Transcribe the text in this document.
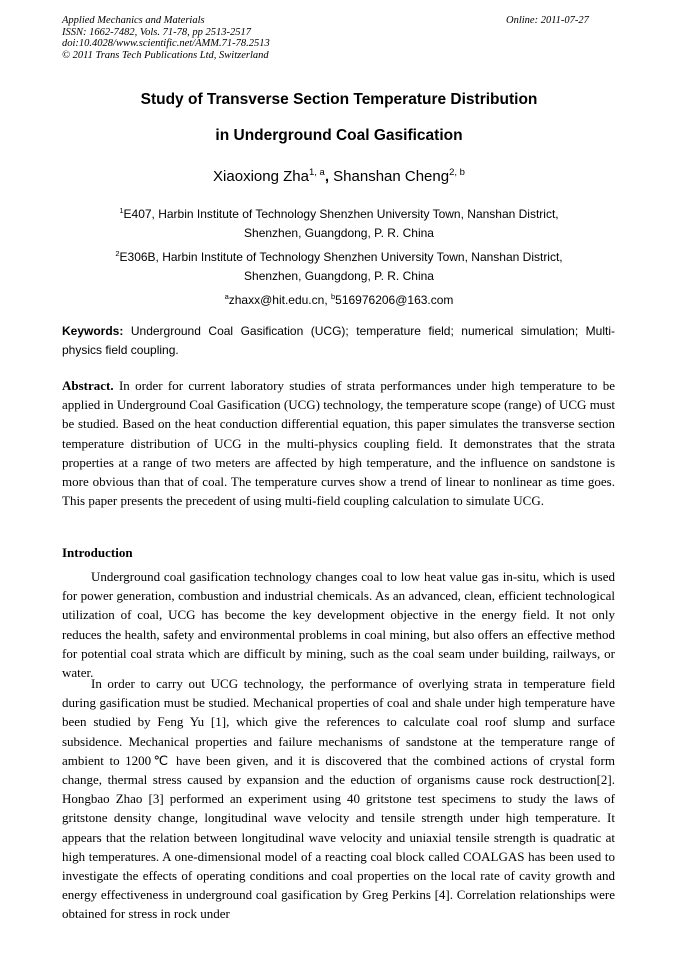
Applied Mechanics and Materials
ISSN: 1662-7482, Vols. 71-78, pp 2513-2517
doi:10.4028/www.scientific.net/AMM.71-78.2513
© 2011 Trans Tech Publications Ltd, Switzerland
Online: 2011-07-27
Study of Transverse Section Temperature Distribution
in Underground Coal Gasification
Xiaoxiong Zha$^{1, a}$, Shanshan Cheng$^{2, b}$
$^1$E407, Harbin Institute of Technology Shenzhen University Town, Nanshan District,
Shenzhen, Guangdong, P. R. China
$^2$E306B, Harbin Institute of Technology Shenzhen University Town, Nanshan District,
Shenzhen, Guangdong, P. R. China
$^a$zhaxx@hit.edu.cn, $^b$516976206@163.com
Keywords: Underground Coal Gasification (UCG); temperature field; numerical simulation; Multi-physics field coupling.
Abstract. In order for current laboratory studies of strata performances under high temperature to be applied in Underground Coal Gasification (UCG) technology, the temperature scope (range) of UCG must be studied. Based on the heat conduction differential equation, this paper simulates the transverse section temperature distribution of UCG in the multi-physics coupling field. It demonstrates that the strata properties at a range of two meters are affected by high temperature, and the influence on sandstone is more obvious than that of coal. The temperature curves show a trend of linear to nonlinear as time goes. This paper presents the precedent of using multi-field coupling calculation to simulate UCG.
Introduction
Underground coal gasification technology changes coal to low heat value gas in-situ, which is used for power generation, combustion and industrial chemicals. As an advanced, clean, efficient technological utilization of coal, UCG has become the key development objective in the energy field. It not only reduces the health, safety and environmental problems in coal mining, but also offers an effective method for potential coal strata which are difficult by mining, such as the coal seam under building, railways, or water.
In order to carry out UCG technology, the performance of overlying strata in temperature field during gasification must be studied. Mechanical properties of coal and shale under high temperature have been studied by Feng Yu [1], which give the references to calculate coal roof slump and surface subsidence. Mechanical properties and failure mechanisms of sandstone at the temperature range of ambient to 1200℃ have been given, and it is discovered that the combined actions of crystal form change, thermal stress caused by expansion and the eduction of organisms cause rock destruction[2]. Hongbao Zhao [3] performed an experiment using 40 gritstone test specimens to study the laws of gritstone density change, longitudinal wave velocity and tensile strength under high temperature. It appears that the relation between longitudinal wave velocity and uniaxial tensile strength is quadratic at high temperatures. A one-dimensional model of a reacting coal block called COALGAS has been used to investigate the effects of operating conditions and coal properties on the local rate of cavity growth and energy effectiveness in underground coal gasification by Greg Perkins [4]. Correlation relationships were obtained for stress in rock under
